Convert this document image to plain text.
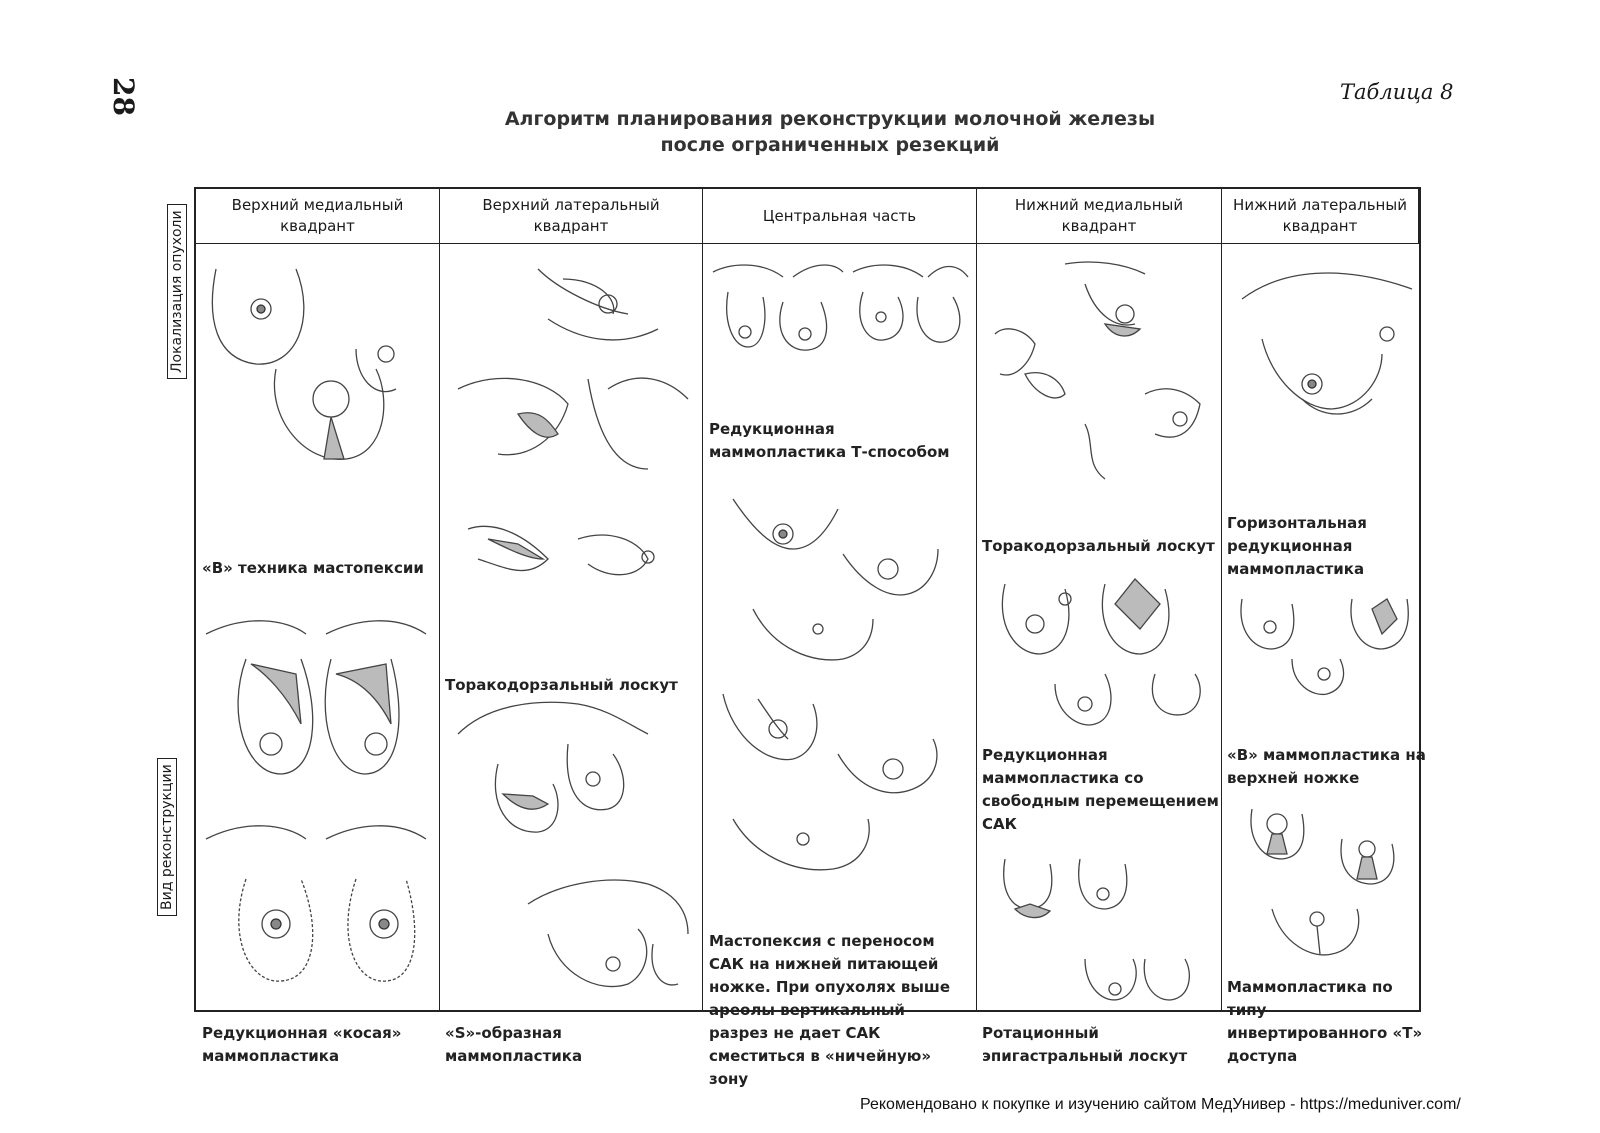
28	Таблица 8
Алгоритм планирования реконструкции молочной железы
после ограниченных резекций
Локализация опухоли
Вид реконструкции
Верхний медиальный квадрант
Верхний латеральный квадрант
Центральная часть
Нижний медиальный квадрант
Нижний латеральный квадрант
«B» техника мастопексии
Редукционная «косая» маммопластика
Торакодорзальный лоскут
«S»-образная маммопластика
Редукционная маммопластика Т-способом
Мастопексия с переносом САК на нижней питающей ножке. При опухолях выше ареолы вертикальный разрез не дает САК сместиться в «ничейную» зону
Торакодорзальный лоскут
Редукционная маммопластика со свободным перемещением САК
Ротационный эпигастральный лоскут
Горизонтальная редукционная маммопластика
«B» маммопластика на верхней ножке
Маммопластика по типу инвертированного «Т» доступа
Рекомендовано к покупке и изучению сайтом МедУнивер - https://meduniver.com/
